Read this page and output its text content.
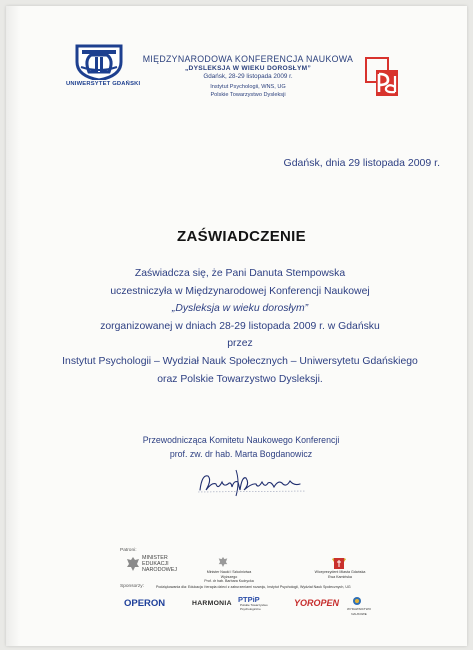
UNIWERSYTET GDAŃSKI
MIĘDZYNARODOWA KONFERENCJA NAUKOWA
„DYSLEKSJA W WIEKU DOROSŁYM”
Gdańsk, 28-29 listopada 2009 r.
Instytut Psychologii, WNS, UG
Polskie Towarzystwo Dysleksji
Gdańsk, dnia 29 listopada 2009 r.
ZAŚWIADCZENIE
Zaświadcza się, że Pani Danuta Stempowska
uczestniczyła w Międzynarodowej Konferencji Naukowej
„Dysleksja w wieku dorosłym”
zorganizowanej w dniach 28-29 listopada 2009 r. w Gdańsku
przez
Instytut Psychologii – Wydział Nauk Społecznych – Uniwersytetu Gdańskiego
oraz Polskie Towarzystwo Dysleksji.
Przewodnicząca Komitetu Naukowego Konferencji
prof. zw. dr hab. Marta Bogdanowicz
Patroni:
MINISTER EDUKACJI NARODOWEJ	Minister Nauki i Szkolnictwa Wyższego
Prof. dr hab. Barbara Kudrycka
Wiceprezydent Miasta Gdańska
Ewa Kamińska
Sponsorzy:	Podziękowania dla: Edukacja i terapia dzieci z zaburzeniami rozwoju, Instytut Psychologii, Wydział Nauk Społecznych, UG
OPERON	HARMONIA PTPiP
Polskie Towarzystwo Psychologiczne
YOROPEN
WYDAWNICTWO NAUKOWE
